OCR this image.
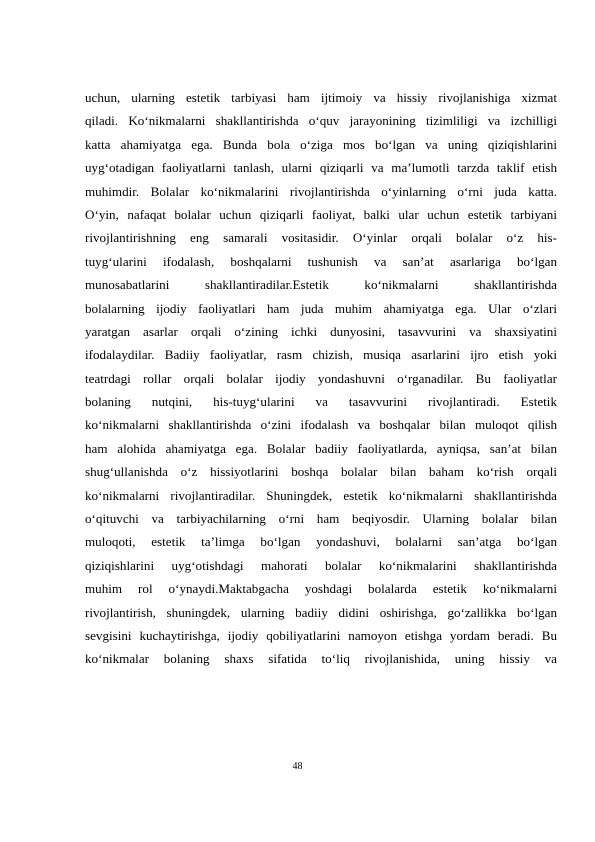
uchun, ularning estetik tarbiyasi ham ijtimoiy va hissiy rivojlanishiga xizmat
qiladi. Ko‘nikmalarni shakllantirishda o‘quv jarayonining tizimliligi va izchilligi
katta ahamiyatga ega. Bunda bola o‘ziga mos bo‘lgan va uning qiziqishlarini
uyg‘otadigan faoliyatlarni tanlash, ularni qiziqarli va ma’lumotli tarzda taklif etish
muhimdir. Bolalar ko‘nikmalarini rivojlantirishda o‘yinlarning o‘rni juda katta.
O‘yin, nafaqat bolalar uchun qiziqarli faoliyat, balki ular uchun estetik tarbiyani
rivojlantirishning eng samarali vositasidir. O‘yinlar orqali bolalar o‘z his-
tuyg‘ularini ifodalash, boshqalarni tushunish va san’at asarlariga bo‘lgan
munosabatlarini shakllantiradilar.Estetik ko‘nikmalarni shakllantirishda
bolalarning ijodiy faoliyatlari ham juda muhim ahamiyatga ega. Ular o‘zlari
yaratgan asarlar orqali o‘zining ichki dunyosini, tasavvurini va shaxsiyatini
ifodalaydilar. Badiiy faoliyatlar, rasm chizish, musiqa asarlarini ijro etish yoki
teatrdagi rollar orqali bolalar ijodiy yondashuvni o‘rganadilar. Bu faoliyatlar
bolaning nutqini, his-tuyg‘ularini va tasavvurini rivojlantiradi. Estetik
ko‘nikmalarni shakllantirishda o‘zini ifodalash va boshqalar bilan muloqot qilish
ham alohida ahamiyatga ega. Bolalar badiiy faoliyatlarda, ayniqsa, san’at bilan
shug‘ullanishda o‘z hissiyotlarini boshqa bolalar bilan baham ko‘rish orqali
ko‘nikmalarni rivojlantiradilar. Shuningdek, estetik ko‘nikmalarni shakllantirishda
o‘qituvchi va tarbiyachilarning o‘rni ham beqiyosdir. Ularning bolalar bilan
muloqoti, estetik ta’limga bo‘lgan yondashuvi, bolalarni san’atga bo‘lgan
qiziqishlarini uyg‘otishdagi mahorati bolalar ko‘nikmalarini shakllantirishda
muhim rol o‘ynaydi.Maktabgacha yoshdagi bolalarda estetik ko‘nikmalarni
rivojlantirish, shuningdek, ularning badiiy didini oshirishga, go‘zallikka bo‘lgan
sevgisini kuchaytirishga, ijodiy qobiliyatlarini namoyon etishga yordam beradi. Bu
ko‘nikmalar bolaning shaxs sifatida to‘liq rivojlanishida, uning hissiy va
48
